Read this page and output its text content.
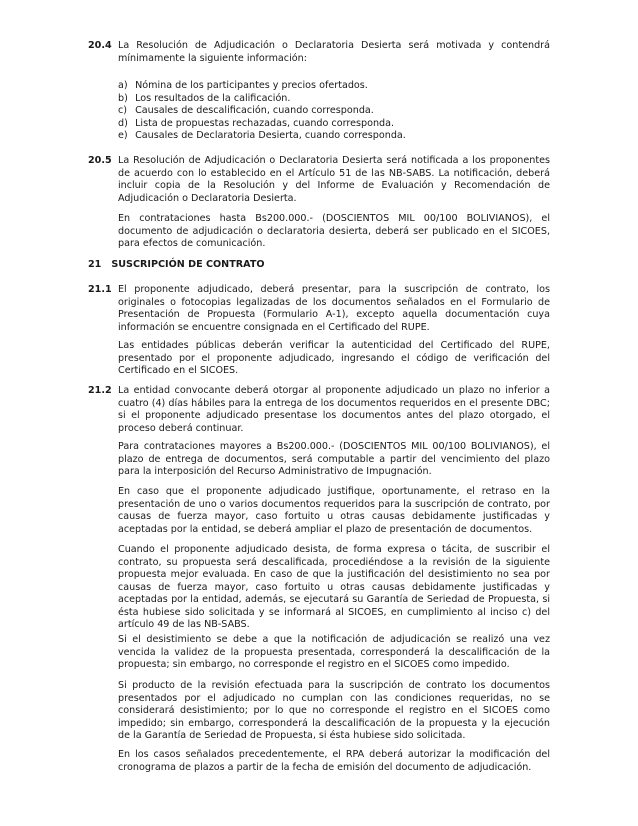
20.4 La Resolución de Adjudicación o Declaratoria Desierta será motivada y contendrá mínimamente la siguiente información:

a) Nómina de los participantes y precios ofertados.
b) Los resultados de la calificación.
c) Causales de descalificación, cuando corresponda.
d) Lista de propuestas rechazadas, cuando corresponda.
e) Causales de Declaratoria Desierta, cuando corresponda.
20.5 La Resolución de Adjudicación o Declaratoria Desierta será notificada a los proponentes de acuerdo con lo establecido en el Artículo 51 de las NB-SABS. La notificación, deberá incluir copia de la Resolución y del Informe de Evaluación y Recomendación de Adjudicación o Declaratoria Desierta.

En contrataciones hasta Bs200.000.- (DOSCIENTOS MIL 00/100 BOLIVIANOS), el documento de adjudicación o declaratoria desierta, deberá ser publicado en el SICOES, para efectos de comunicación.

21 SUSCRIPCIÓN DE CONTRATO
21.1 El proponente adjudicado, deberá presentar, para la suscripción de contrato, los originales o fotocopias legalizadas de los documentos señalados en el Formulario de Presentación de Propuesta (Formulario A-1), excepto aquella documentación cuya información se encuentre consignada en el Certificado del RUPE.

Las entidades públicas deberán verificar la autenticidad del Certificado del RUPE, presentado por el proponente adjudicado, ingresando el código de verificación del Certificado en el SICOES.

21.2 La entidad convocante deberá otorgar al proponente adjudicado un plazo no inferior a cuatro (4) días hábiles para la entrega de los documentos requeridos en el presente DBC; si el proponente adjudicado presentase los documentos antes del plazo otorgado, el proceso deberá continuar.

Para contrataciones mayores a Bs200.000.- (DOSCIENTOS MIL 00/100 BOLIVIANOS), el plazo de entrega de documentos, será computable a partir del vencimiento del plazo para la interposición del Recurso Administrativo de Impugnación.

En caso que el proponente adjudicado justifique, oportunamente, el retraso en la presentación de uno o varios documentos requeridos para la suscripción de contrato, por causas de fuerza mayor, caso fortuito u otras causas debidamente justificadas y aceptadas por la entidad, se deberá ampliar el plazo de presentación de documentos.

Cuando el proponente adjudicado desista, de forma expresa o tácita, de suscribir el contrato, su propuesta será descalificada, procediéndose a la revisión de la siguiente propuesta mejor evaluada. En caso de que la justificación del desistimiento no sea por causas de fuerza mayor, caso fortuito u otras causas debidamente justificadas y aceptadas por la entidad, además, se ejecutará su Garantía de Seriedad de Propuesta, si ésta hubiese sido solicitada y se informará al SICOES, en cumplimiento al inciso c) del artículo 49 de las NB-SABS.

Si el desistimiento se debe a que la notificación de adjudicación se realizó una vez vencida la validez de la propuesta presentada, corresponderá la descalificación de la propuesta; sin embargo, no corresponde el registro en el SICOES como impedido.

Si producto de la revisión efectuada para la suscripción de contrato los documentos presentados por el adjudicado no cumplan con las condiciones requeridas, no se considerará desistimiento; por lo que no corresponde el registro en el SICOES como impedido; sin embargo, corresponderá la descalificación de la propuesta y la ejecución de la Garantía de Seriedad de Propuesta, si ésta hubiese sido solicitada.

En los casos señalados precedentemente, el RPA deberá autorizar la modificación del cronograma de plazos a partir de la fecha de emisión del documento de adjudicación.
